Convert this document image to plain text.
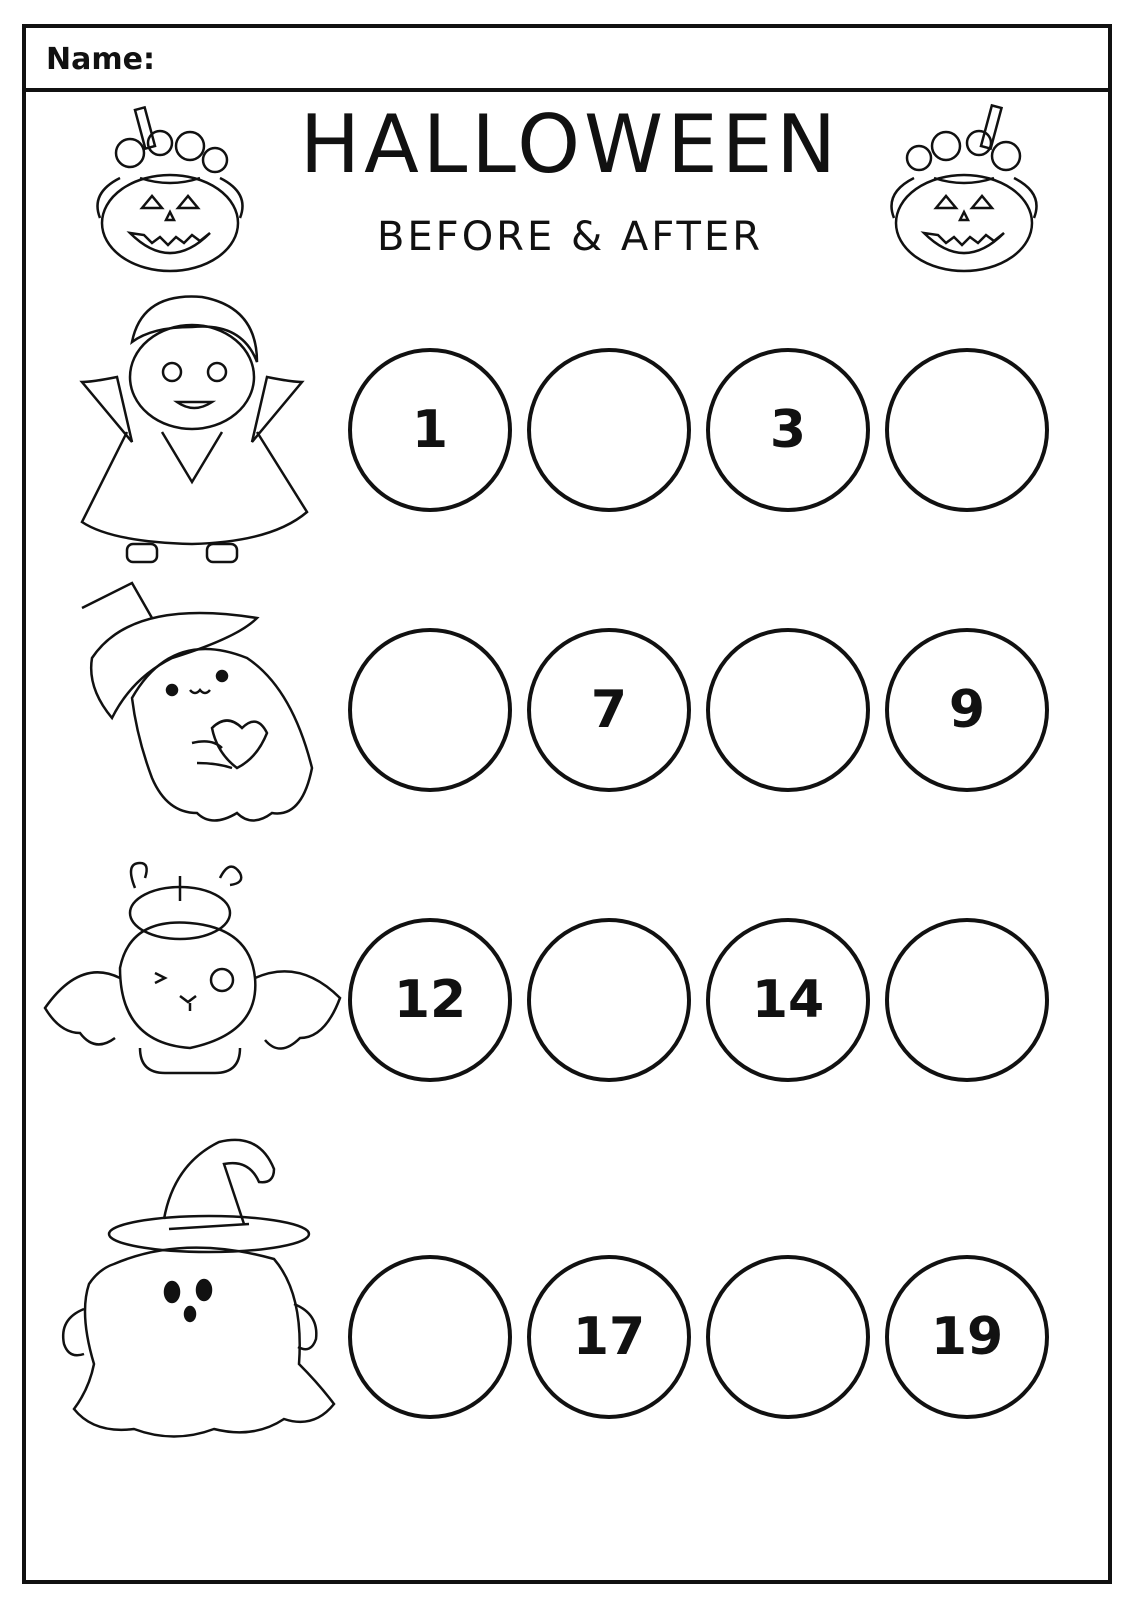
Name:
HALLOWEEN
BEFORE & AFTER
1	3
7	9
12	14
17	19
